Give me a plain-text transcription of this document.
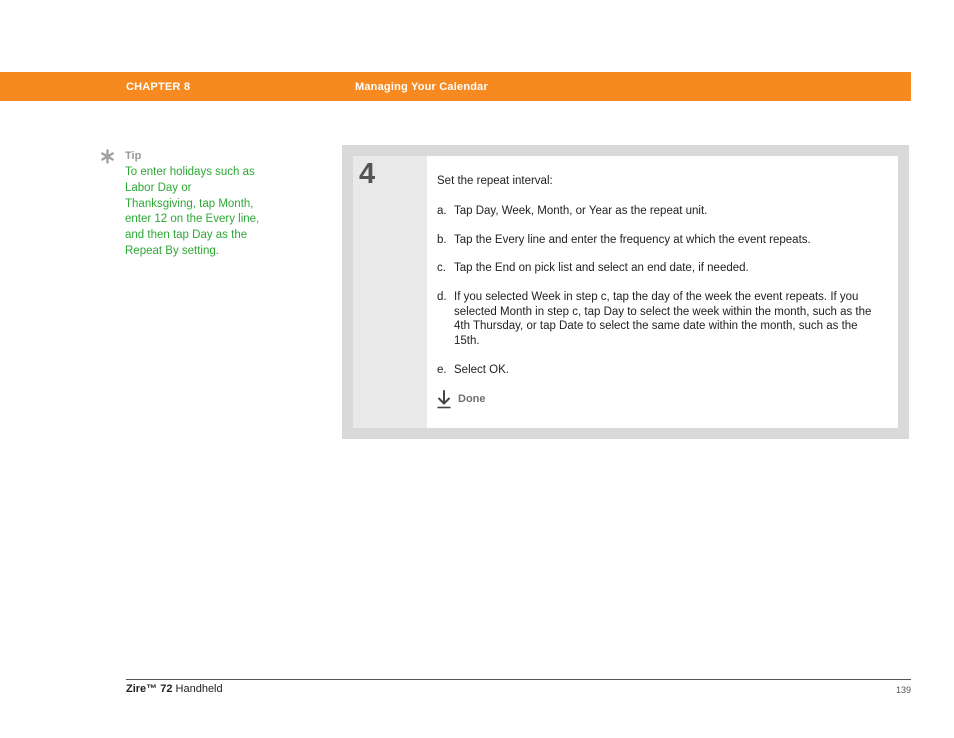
CHAPTER 8	Managing Your Calendar
Tip
To enter holidays such as
Labor Day or
Thanksgiving, tap Month,
enter 12 on the Every line,
and then tap Day as the
Repeat By setting.
4	Set the repeat interval:
a. Tap Day, Week, Month, or Year as the repeat unit.
b. Tap the Every line and enter the frequency at which the event repeats.
c. Tap the End on pick list and select an end date, if needed.
d. If you selected Week in step c, tap the day of the week the event repeats. If you selected Month in step c, tap Day to select the week within the month, such as the 4th Thursday, or tap Date to select the same date within the month, such as the 15th.
e. Select OK.
Done
Zire™ 72 Handheld	139
